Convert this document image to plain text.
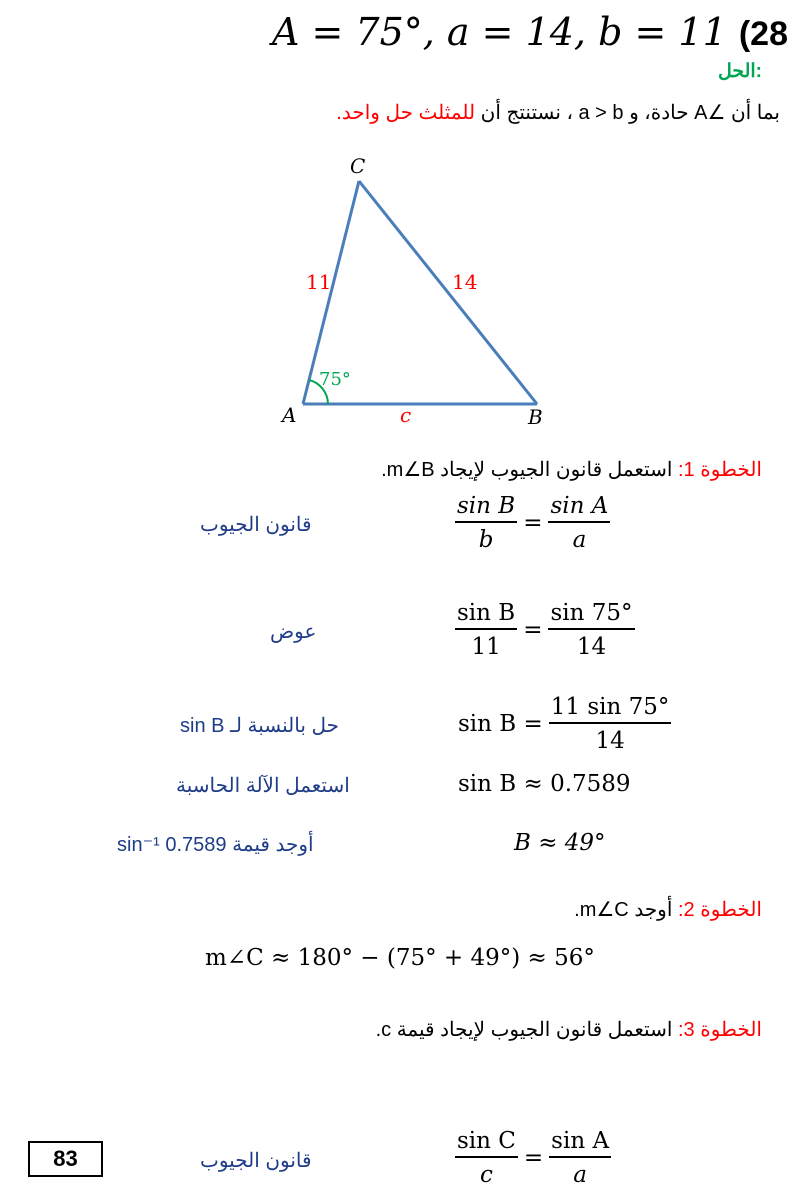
A = 75°, a = 14, b = 11 (28
الحل:
بما أن ∠A حادة، و a > b ، نستنتج أن للمثلث حل واحد.
C
A	B
11	14
c
75°
الخطوة 1: استعمل قانون الجيوب لإيجاد m∠B.
قانون الجيوب	$\frac{\text{sin B}}{b} = \frac{\text{sin A}}{a}$
عوض	$\frac{\text{sin B}}{11} = \frac{\sin 75^\circ}{14}$
حل بالنسبة لـ sin B	$\sin B = \frac{11 \sin 75^\circ}{14}$
استعمل الآلة الحاسبة	sin B ≈ 0.7589
أوجد قيمة sin⁻¹ 0.7589	B ≈ 49°
الخطوة 2: أوجد m∠C.
m∠C ≈ 180° − (75° + 49°) ≈ 56°
الخطوة 3: استعمل قانون الجيوب لإيجاد قيمة c.
قانون الجيوب	$\frac{\text{sin C}}{c} = \frac{\text{sin A}}{a}$
83
